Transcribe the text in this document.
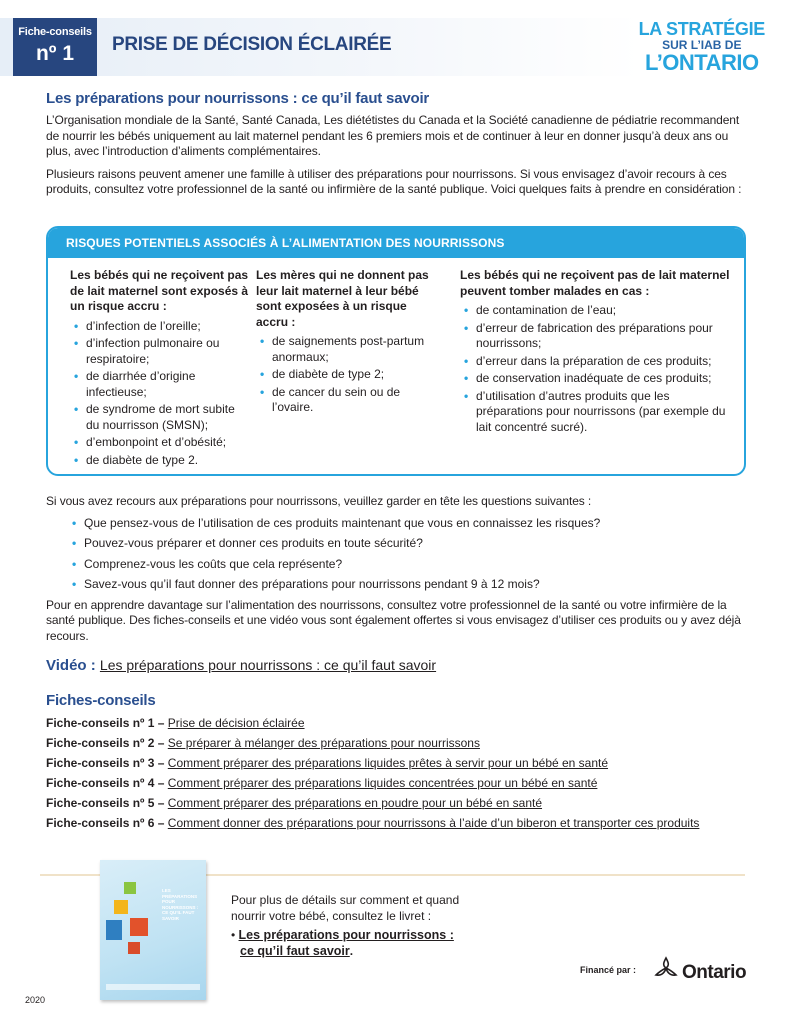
Fiche-conseils
nº 1	PRISE DE DÉCISION ÉCLAIRÉE
LA STRATÉGIE
SUR L’IAB DE
L’ONTARIO
Les préparations pour nourrissons : ce qu’il faut savoir

L’Organisation mondiale de la Santé, Santé Canada, Les diététistes du Canada et la Société canadienne de pédiatrie recommandent de nourrir les bébés uniquement au lait maternel pendant les 6 premiers mois et de continuer à leur en donner jusqu’à deux ans ou plus, avec l’introduction d’aliments complémentaires.

Plusieurs raisons peuvent amener une famille à utiliser des préparations pour nourrissons. Si vous envisagez d’avoir recours à ces produits, consultez votre professionnel de la santé ou infirmière de la santé publique. Voici quelques faits à prendre en considération :

RISQUES POTENTIELS ASSOCIÉS À L’ALIMENTATION DES NOURRISSONS
Les bébés qui ne reçoivent pas de lait maternel sont exposés à un risque accru :
• d’infection de l’oreille;
• d’infection pulmonaire ou respiratoire;
• de diarrhée d’origine infectieuse;
• de syndrome de mort subite du nourrisson (SMSN);
• d’embonpoint et d’obésité;
• de diabète de type 2.
Les mères qui ne donnent pas leur lait maternel à leur bébé sont exposées à un risque accru :
• de saignements post-partum anormaux;
• de diabète de type 2;
• de cancer du sein ou de l’ovaire.
Les bébés qui ne reçoivent pas de lait maternel peuvent tomber malades en cas :
• de contamination de l’eau;
• d’erreur de fabrication des préparations pour nourrissons;
• d’erreur dans la préparation de ces produits;
• de conservation inadéquate de ces produits;
• d’utilisation d’autres produits que les préparations pour nourrissons (par exemple du lait concentré sucré).

Si vous avez recours aux préparations pour nourrissons, veuillez garder en tête les questions suivantes :

• Que pensez-vous de l’utilisation de ces produits maintenant que vous en connaissez les risques?
• Pouvez-vous préparer et donner ces produits en toute sécurité?
• Comprenez-vous les coûts que cela représente?
• Savez-vous qu’il faut donner des préparations pour nourrissons pendant 9 à 12 mois?

Pour en apprendre davantage sur l’alimentation des nourrissons, consultez votre professionnel de la santé ou votre infirmière de la santé publique. Des fiches-conseils et une vidéo vous sont également offertes si vous envisagez d’utiliser ces produits ou y avez déjà recours.

Vidéo : Les préparations pour nourrissons : ce qu’il faut savoir
Fiches-conseils
Fiche-conseils nº 1 – Prise de décision éclairée
Fiche-conseils nº 2 – Se préparer à mélanger des préparations pour nourrissons
Fiche-conseils nº 3 – Comment préparer des préparations liquides prêtes à servir pour un bébé en santé
Fiche-conseils nº 4 – Comment préparer des préparations liquides concentrées pour un bébé en santé
Fiche-conseils nº 5 – Comment préparer des préparations en poudre pour un bébé en santé
Fiche-conseils nº 6 – Comment donner des préparations pour nourrissons à l’aide d’un biberon et transporter ces produits
LES PRÉPARATIONS POUR NOURRISSONS : CE QU’IL FAUT SAVOIR
Pour plus de détails sur comment et quand
nourrir votre bébé, consultez le livret :
• Les préparations pour nourrissons :
ce qu’il faut savoir.
Financé par : Ontario
2020
